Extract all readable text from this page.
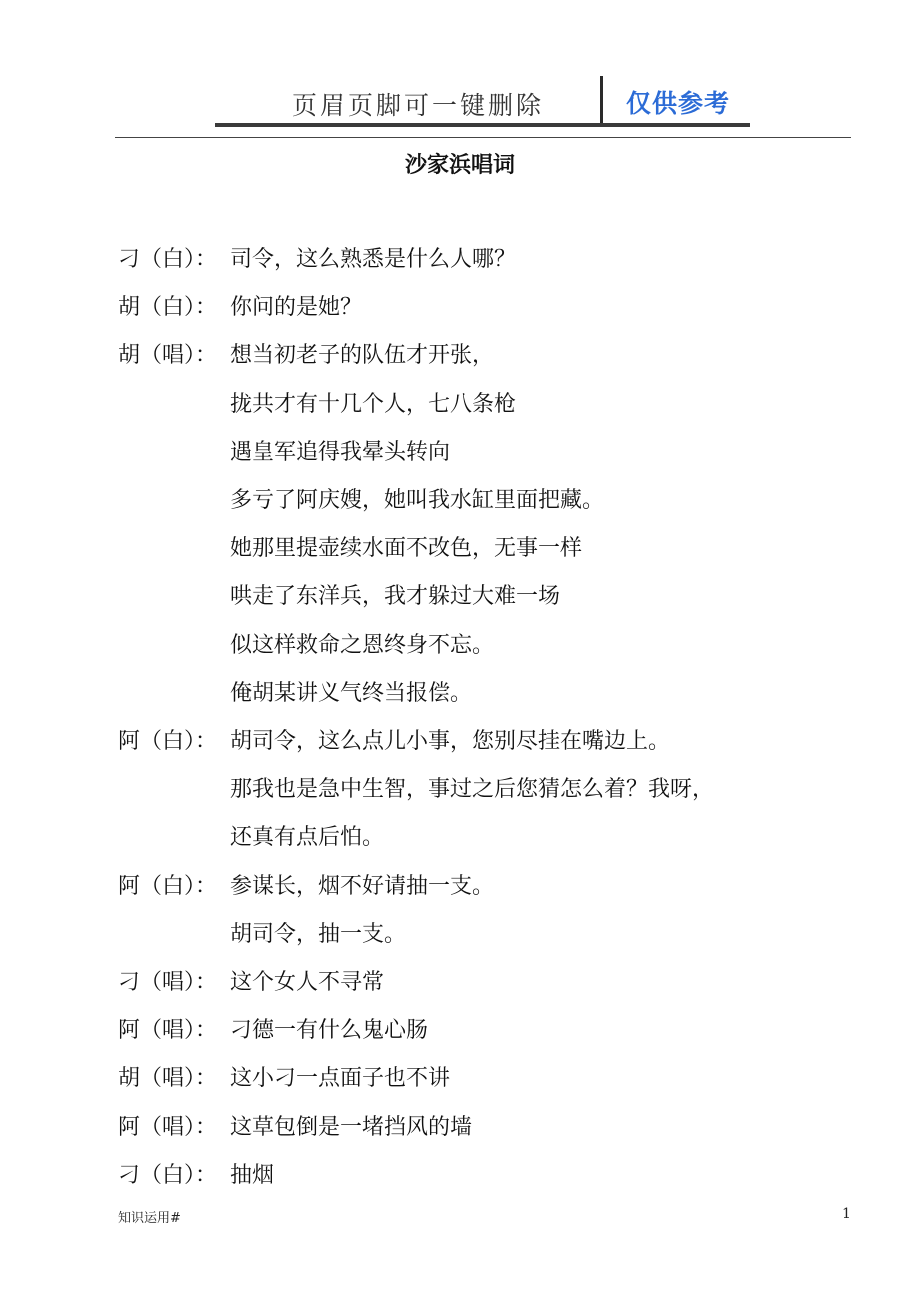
页眉页脚可一键删除	仅供参考
沙家浜唱词
刁（白）： 司令，这么熟悉是什么人哪？
胡（白）： 你问的是她？
胡（唱）： 想当初老子的队伍才开张，
拢共才有十几个人，七八条枪
遇皇军追得我晕头转向
多亏了阿庆嫂，她叫我水缸里面把藏。
她那里提壶续水面不改色，无事一样
哄走了东洋兵，我才躲过大难一场
似这样救命之恩终身不忘。
俺胡某讲义气终当报偿。
阿（白）： 胡司令，这么点儿小事，您别尽挂在嘴边上。
那我也是急中生智，事过之后您猜怎么着？我呀，
还真有点后怕。
阿（白）： 参谋长，烟不好请抽一支。
胡司令，抽一支。
刁（唱）： 这个女人不寻常
阿（唱）： 刁德一有什么鬼心肠
胡（唱）： 这小刁一点面子也不讲
阿（唱）： 这草包倒是一堵挡风的墙
刁（白）： 抽烟
知识运用#	1
